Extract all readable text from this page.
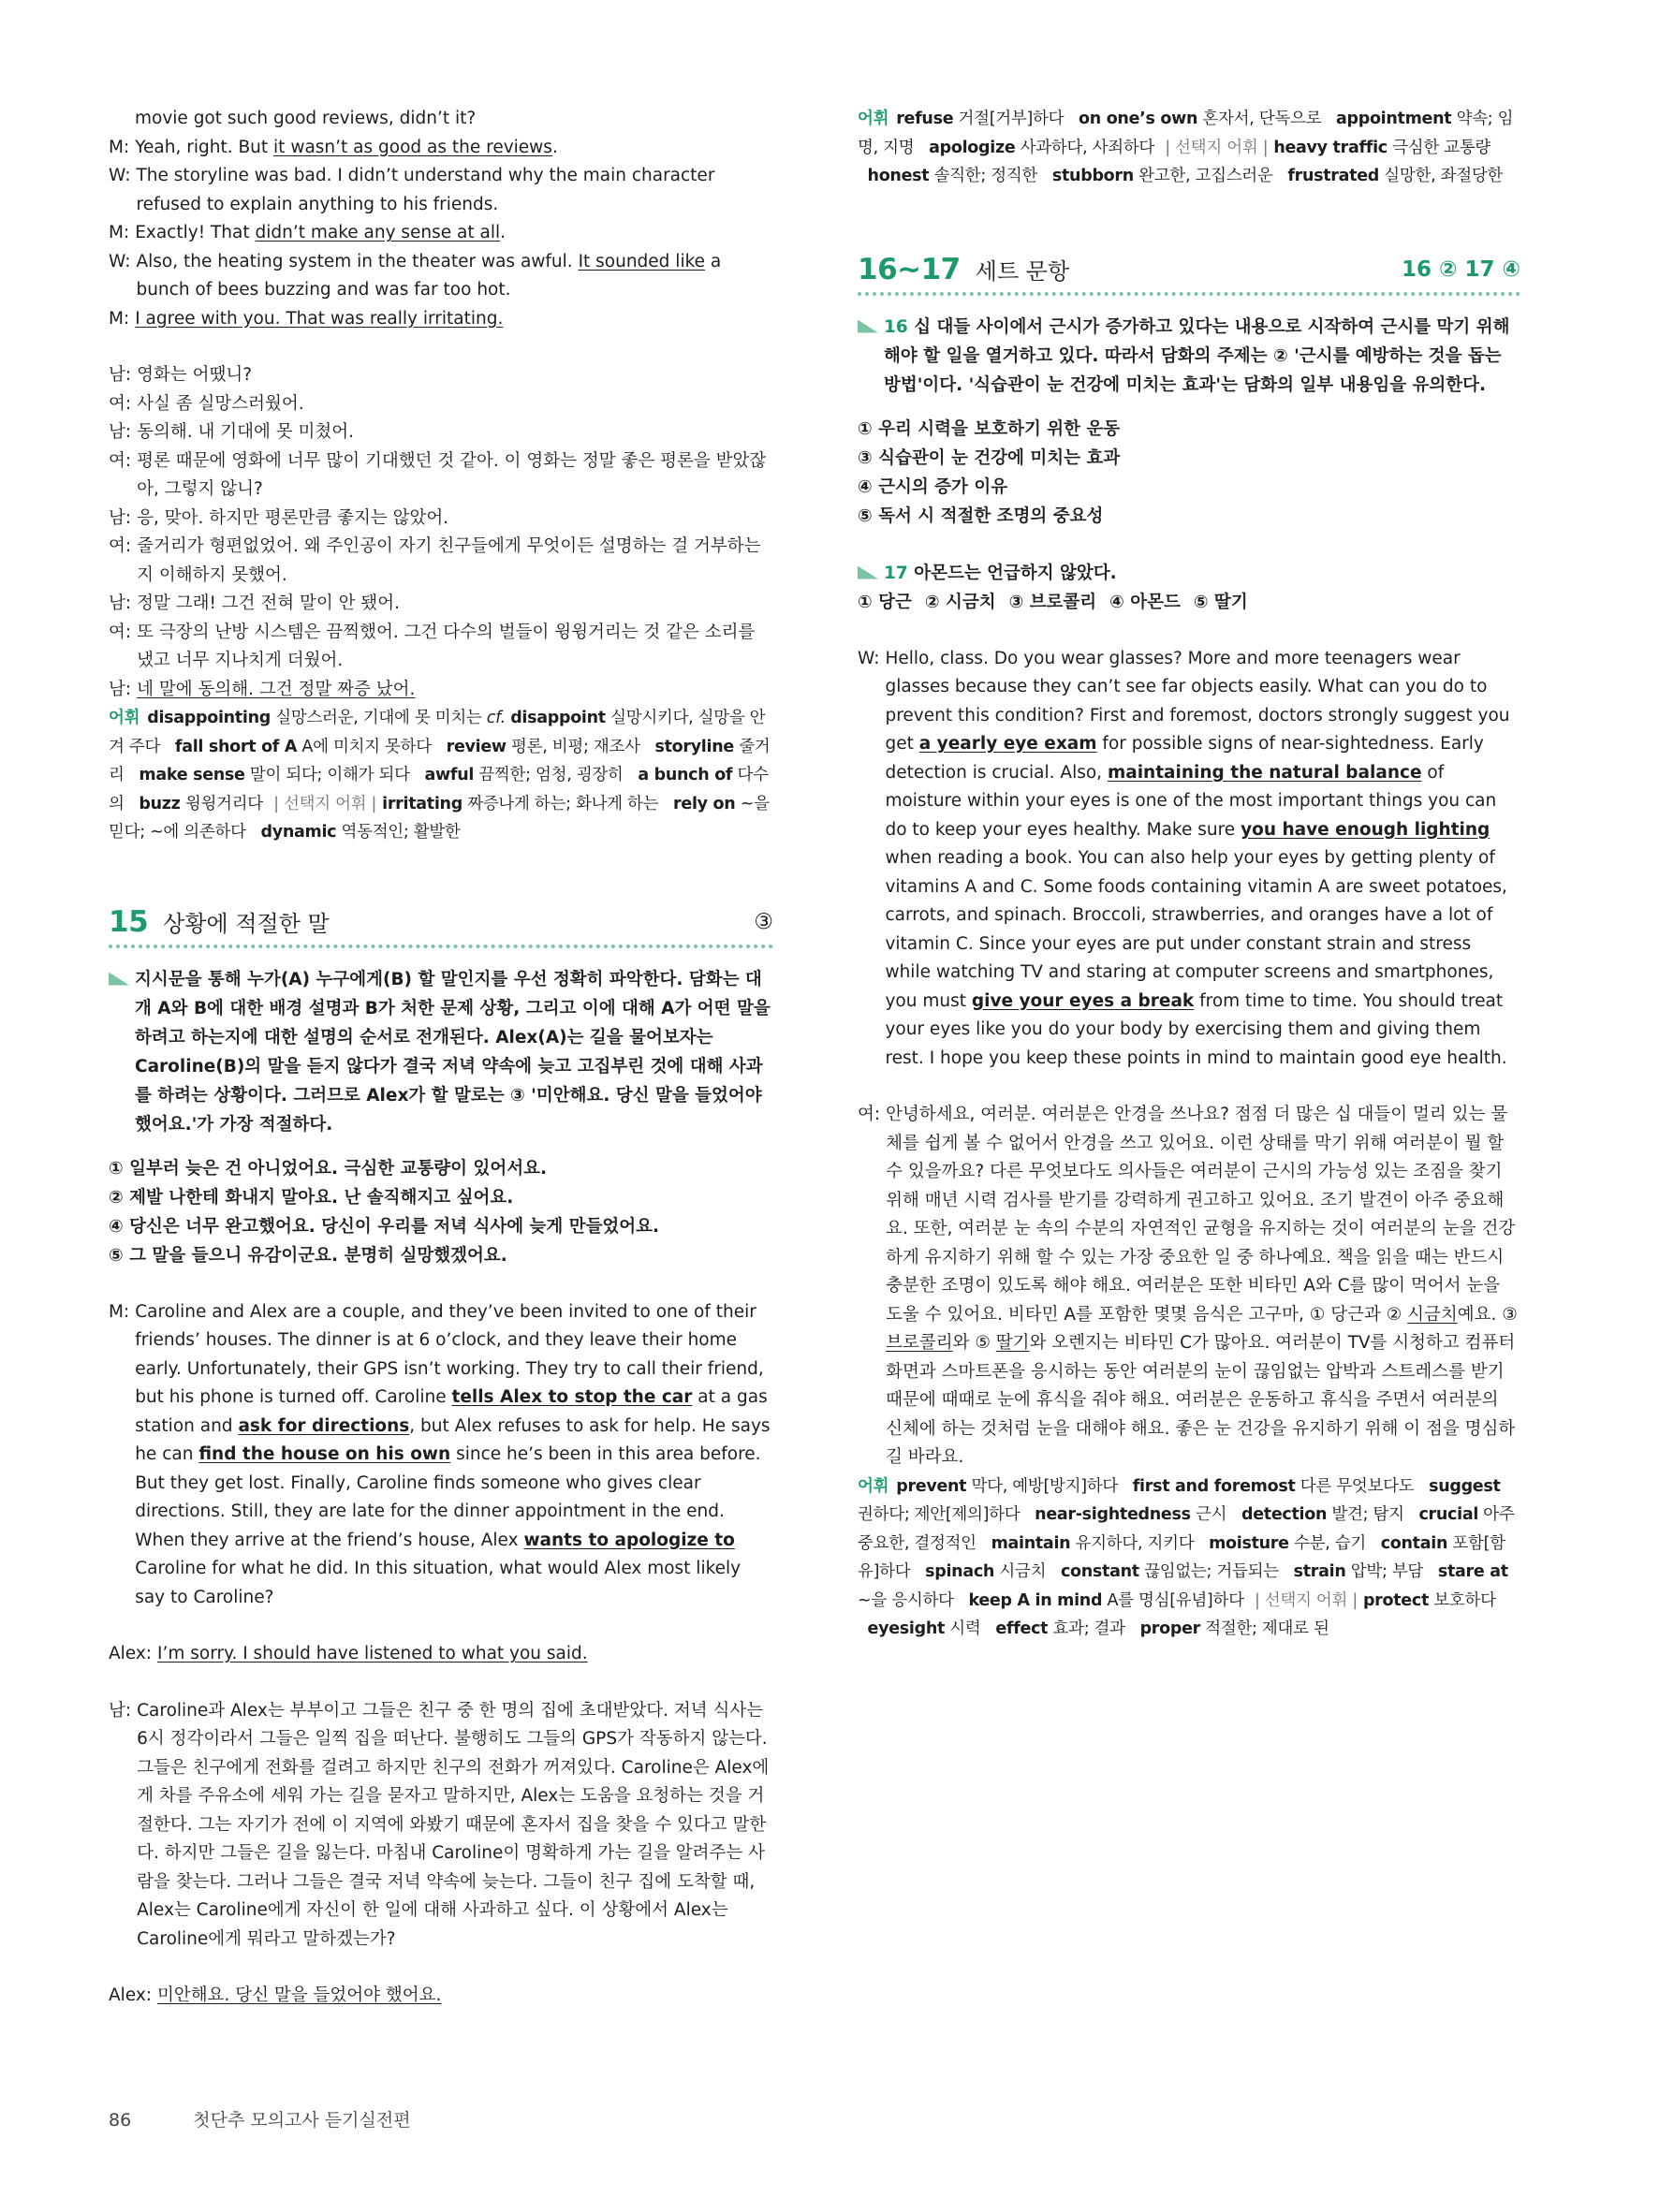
movie got such good reviews, didn’t it?
M: Yeah, right. But it wasn’t as good as the reviews.
W: The storyline was bad. I didn’t understand why the main character refused to explain anything to his friends.
M: Exactly! That didn’t make any sense at all.
W: Also, the heating system in the theater was awful. It sounded like a bunch of bees buzzing and was far too hot.
M: I agree with you. That was really irritating.
남: 영화는 어땠니?
여: 사실 좀 실망스러웠어.
남: 동의해. 내 기대에 못 미쳤어.
여: 평론 때문에 영화에 너무 많이 기대했던 것 같아. 이 영화는 정말 좋은 평론을 받았잖아, 그렇지 않니?
남: 응, 맞아. 하지만 평론만큼 좋지는 않았어.
여: 줄거리가 형편없었어. 왜 주인공이 자기 친구들에게 무엇이든 설명하는 걸 거부하는지 이해하지 못했어.
남: 정말 그래! 그건 전혀 말이 안 됐어.
여: 또 극장의 난방 시스템은 끔찍했어. 그건 다수의 벌들이 윙윙거리는 것 같은 소리를 냈고 너무 지나치게 더웠어.
남: 네 말에 동의해. 그건 정말 짜증 났어.
어휘 disappointing 실망스러운, 기대에 못 미치는 cf. disappoint 실망시키다, 실망을 안겨 주다   fall short of A A에 미치지 못하다   review 평론, 비평; 재조사   storyline 줄거리   make sense 말이 되다; 이해가 되다   awful 끔찍한; 엄청, 굉장히   a bunch of 다수의   buzz 윙윙거리다 | 선택지 어휘 | irritating 짜증나게 하는; 화나게 하는   rely on ~을 믿다; ~에 의존하다   dynamic 역동적인; 활발한
15 상황에 적절한 말	③
지시문을 통해 누가(A) 누구에게(B) 할 말인지를 우선 정확히 파악한다. 담화는 대개 A와 B에 대한 배경 설명과 B가 처한 문제 상황, 그리고 이에 대해 A가 어떤 말을 하려고 하는지에 대한 설명의 순서로 전개된다. Alex(A)는 길을 물어보자는 Caroline(B)의 말을 듣지 않다가 결국 저녁 약속에 늦고 고집부린 것에 대해 사과를 하려는 상황이다. 그러므로 Alex가 할 말로는 ③ '미안해요. 당신 말을 들었어야 했어요.'가 가장 적절하다.
① 일부러 늦은 건 아니었어요. 극심한 교통량이 있어서요.
② 제발 나한테 화내지 말아요. 난 솔직해지고 싶어요.
④ 당신은 너무 완고했어요. 당신이 우리를 저녁 식사에 늦게 만들었어요.
⑤ 그 말을 들으니 유감이군요. 분명히 실망했겠어요.
M: Caroline and Alex are a couple, and they’ve been invited to one of their friends’ houses. The dinner is at 6 o’clock, and they leave their home early. Unfortunately, their GPS isn’t working. They try to call their friend, but his phone is turned off. Caroline tells Alex to stop the car at a gas station and ask for directions, but Alex refuses to ask for help. He says he can find the house on his own since he’s been in this area before. But they get lost. Finally, Caroline finds someone who gives clear directions. Still, they are late for the dinner appointment in the end. When they arrive at the friend’s house, Alex wants to apologize to Caroline for what he did. In this situation, what would Alex most likely say to Caroline?
Alex: I’m sorry. I should have listened to what you said.
남: Caroline과 Alex는 부부이고 그들은 친구 중 한 명의 집에 초대받았다. 저녁 식사는 6시 정각이라서 그들은 일찍 집을 떠난다. 불행히도 그들의 GPS가 작동하지 않는다. 그들은 친구에게 전화를 걸려고 하지만 친구의 전화가 꺼져있다. Caroline은 Alex에게 차를 주유소에 세워 가는 길을 묻자고 말하지만, Alex는 도움을 요청하는 것을 거절한다. 그는 자기가 전에 이 지역에 와봤기 때문에 혼자서 집을 찾을 수 있다고 말한다. 하지만 그들은 길을 잃는다. 마침내 Caroline이 명확하게 가는 길을 알려주는 사람을 찾는다. 그러나 그들은 결국 저녁 약속에 늦는다. 그들이 친구 집에 도착할 때, Alex는 Caroline에게 자신이 한 일에 대해 사과하고 싶다. 이 상황에서 Alex는 Caroline에게 뭐라고 말하겠는가?
Alex: 미안해요. 당신 말을 들었어야 했어요.
어휘 refuse 거절[거부]하다   on one’s own 혼자서, 단독으로   appointment 약속; 임명, 지명   apologize 사과하다, 사죄하다 | 선택지 어휘 | heavy traffic 극심한 교통량   honest 솔직한; 정직한   stubborn 완고한, 고집스러운   frustrated 실망한, 좌절당한
16~17 세트 문항	16 ② 17 ④
16 십 대들 사이에서 근시가 증가하고 있다는 내용으로 시작하여 근시를 막기 위해 해야 할 일을 열거하고 있다. 따라서 담화의 주제는 ② '근시를 예방하는 것을 돕는 방법'이다. '식습관이 눈 건강에 미치는 효과'는 담화의 일부 내용임을 유의한다.
① 우리 시력을 보호하기 위한 운동
③ 식습관이 눈 건강에 미치는 효과
④ 근시의 증가 이유
⑤ 독서 시 적절한 조명의 중요성
17 아몬드는 언급하지 않았다.
① 당근 ② 시금치 ③ 브로콜리 ④ 아몬드 ⑤ 딸기
W: Hello, class. Do you wear glasses? More and more teenagers wear glasses because they can’t see far objects easily. What can you do to prevent this condition? First and foremost, doctors strongly suggest you get a yearly eye exam for possible signs of near-sightedness. Early detection is crucial. Also, maintaining the natural balance of moisture within your eyes is one of the most important things you can do to keep your eyes healthy. Make sure you have enough lighting when reading a book. You can also help your eyes by getting plenty of vitamins A and C. Some foods containing vitamin A are sweet potatoes, carrots, and spinach. Broccoli, strawberries, and oranges have a lot of vitamin C. Since your eyes are put under constant strain and stress while watching TV and staring at computer screens and smartphones, you must give your eyes a break from time to time. You should treat your eyes like you do your body by exercising them and giving them rest. I hope you keep these points in mind to maintain good eye health.
여: 안녕하세요, 여러분. 여러분은 안경을 쓰나요? 점점 더 많은 십 대들이 멀리 있는 물체를 쉽게 볼 수 없어서 안경을 쓰고 있어요. 이런 상태를 막기 위해 여러분이 뭘 할 수 있을까요? 다른 무엇보다도 의사들은 여러분이 근시의 가능성 있는 조짐을 찾기 위해 매년 시력 검사를 받기를 강력하게 권고하고 있어요. 조기 발견이 아주 중요해요. 또한, 여러분 눈 속의 수분의 자연적인 균형을 유지하는 것이 여러분의 눈을 건강하게 유지하기 위해 할 수 있는 가장 중요한 일 중 하나예요. 책을 읽을 때는 반드시 충분한 조명이 있도록 해야 해요. 여러분은 또한 비타민 A와 C를 많이 먹어서 눈을 도울 수 있어요. 비타민 A를 포함한 몇몇 음식은 고구마, ① 당근과 ② 시금치예요. ③ 브로콜리와 ⑤ 딸기와 오렌지는 비타민 C가 많아요. 여러분이 TV를 시청하고 컴퓨터 화면과 스마트폰을 응시하는 동안 여러분의 눈이 끊임없는 압박과 스트레스를 받기 때문에 때때로 눈에 휴식을 줘야 해요. 여러분은 운동하고 휴식을 주면서 여러분의 신체에 하는 것처럼 눈을 대해야 해요. 좋은 눈 건강을 유지하기 위해 이 점을 명심하길 바라요.
어휘 prevent 막다, 예방[방지]하다   first and foremost 다른 무엇보다도   suggest 권하다; 제안[제의]하다   near-sightedness 근시   detection 발견; 탐지   crucial 아주 중요한, 결정적인   maintain 유지하다, 지키다   moisture 수분, 습기   contain 포함[함유]하다   spinach 시금치   constant 끊임없는; 거듭되는   strain 압박; 부담   stare at ~을 응시하다   keep A in mind A를 명심[유념]하다 | 선택지 어휘 | protect 보호하다   eyesight 시력   effect 효과; 결과   proper 적절한; 제대로 된
86	첫단추 모의고사 듣기실전편
